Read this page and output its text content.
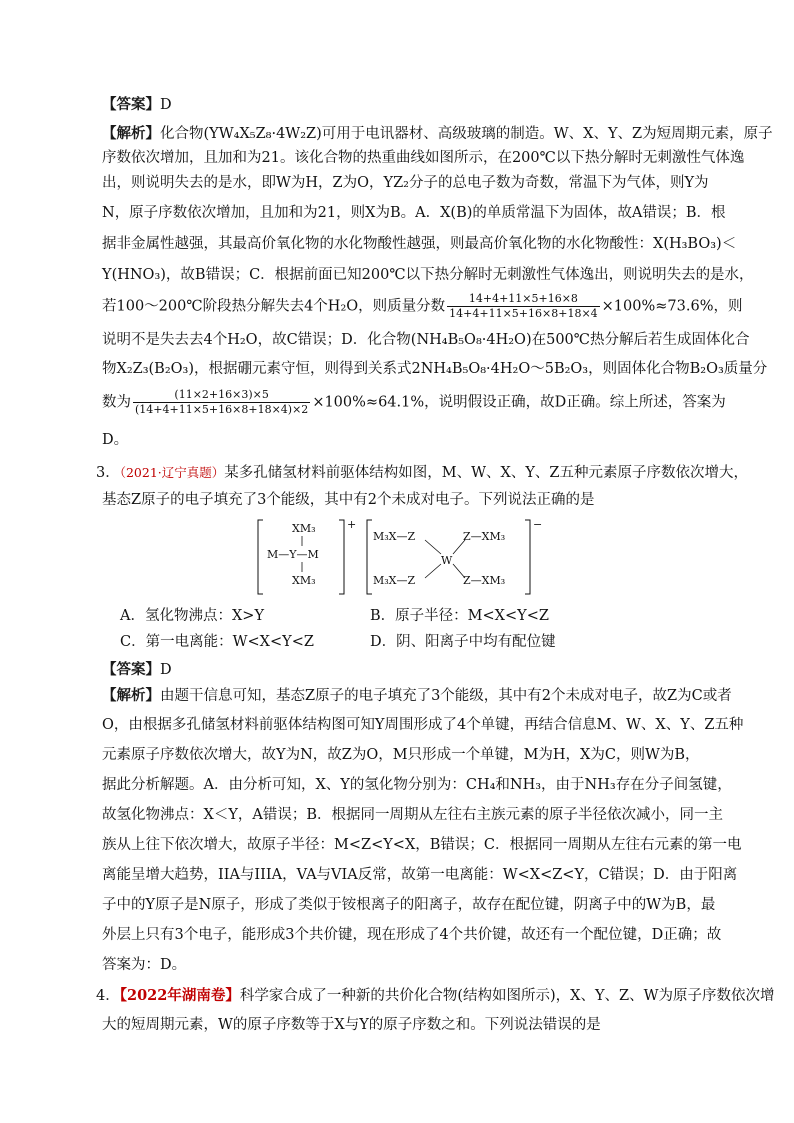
【答案】D
【解析】化合物(YW₄X₅Z₈·4W₂Z)可用于电讯器材、高级玻璃的制造。W、X、Y、Z为短周期元素，原子
序数依次增加，且加和为21。该化合物的热重曲线如图所示，在200℃以下热分解时无刺激性气体逸
出，则说明失去的是水，即W为H，Z为O，YZ₂分子的总电子数为奇数，常温下为气体，则Y为
N，原子序数依次增加，且加和为21，则X为B。A．X(B)的单质常温下为固体，故A错误；B．根
据非金属性越强，其最高价氧化物的水化物酸性越强，则最高价氧化物的水化物酸性：X(H₃BO₃)＜
Y(HNO₃)，故B错误；C．根据前面已知200℃以下热分解时无刺激性气体逸出，则说明失去的是水，
若100～200℃阶段热分解失去4个H₂O，则质量分数 $\frac{14+4+11\times 5+16\times 8}{14+4+11\times 5+16\times 8+18\times 4} \times 100\%\approx 73.6\%$，则
说明不是失去去4个H₂O，故C错误；D．化合物(NH₄B₅O₈·4H₂O)在500℃热分解后若生成固体化合
物X₂Z₃(B₂O₃)，根据硼元素守恒，则得到关系式2NH₄B₅O₈·4H₂O～5B₂O₃，则固体化合物B₂O₃质量分
数为 $\frac{(11\times 2+16\times 3)\times 5}{(14+4+11\times 5+16\times 8+18\times 4)\times 2} \times 100\%\approx 64.1\%$，说明假设正确，故D正确。综上所述，答案为
D。
3．（2021·辽宁真题）某多孔储氢材料前驱体结构如图，M、W、X、Y、Z五种元素原子序数依次增大，
基态Z原子的电子填充了3个能级，其中有2个未成对电子。下列说法正确的是
XM₃
M—Y—M
XM₃
+
M₃X—Z
M₃X—Z
W
Z—XM₃
Z—XM₃
−
A．氢化物沸点：X>Y	B．原子半径：M<X<Y<Z
C．第一电离能：W<X<Y<Z	D．阴、阳离子中均有配位键
【答案】D
【解析】由题干信息可知，基态Z原子的电子填充了3个能级，其中有2个未成对电子，故Z为C或者
O，由根据多孔储氢材料前驱体结构图可知Y周围形成了4个单键，再结合信息M、W、X、Y、Z五种
元素原子序数依次增大，故Y为N，故Z为O，M只形成一个单键，M为H，X为C，则W为B，
据此分析解题。A．由分析可知，X、Y的氢化物分别为：CH₄和NH₃，由于NH₃存在分子间氢键，
故氢化物沸点：X＜Y，A错误；B．根据同一周期从左往右主族元素的原子半径依次减小，同一主
族从上往下依次增大，故原子半径：M<Z<Y<X，B错误；C．根据同一周期从左往右元素的第一电
离能呈增大趋势，IIA与IIIA，VA与VIA反常，故第一电离能：W<X<Z<Y，C错误；D．由于阳离
子中的Y原子是N原子，形成了类似于铵根离子的阳离子，故存在配位键，阴离子中的W为B，最
外层上只有3个电子，能形成3个共价键，现在形成了4个共价键，故还有一个配位键，D正确；故
答案为：D。
4．【2022年湖南卷】科学家合成了一种新的共价化合物(结构如图所示)，X、Y、Z、W为原子序数依次增
大的短周期元素，W的原子序数等于X与Y的原子序数之和。下列说法错误的是
